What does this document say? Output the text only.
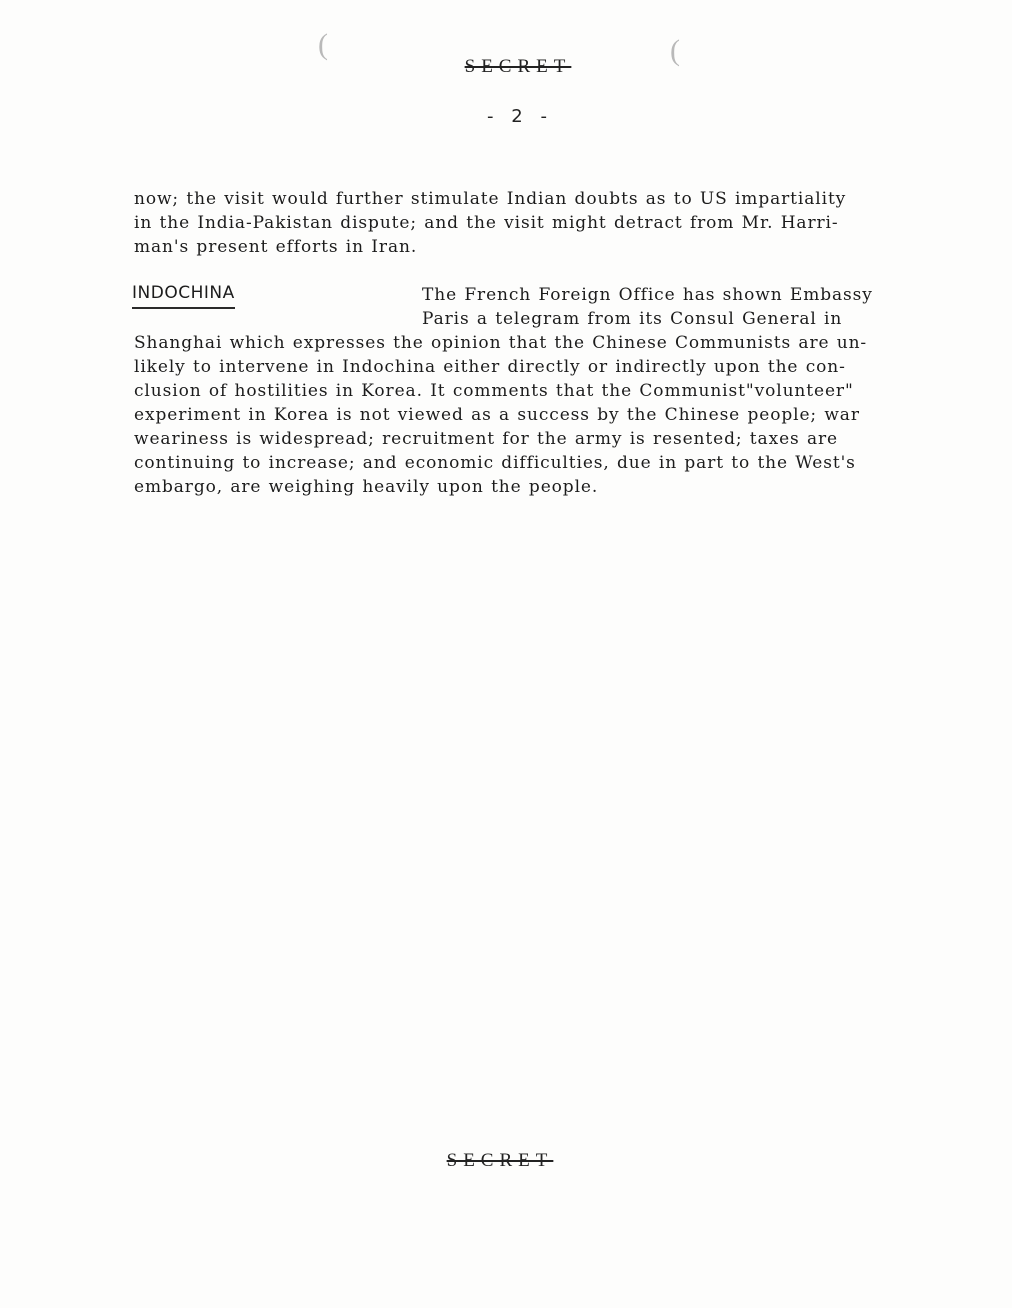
(	(
SECRET
- 2 -
now; the visit would further stimulate Indian doubts as to US impartiality
in the India-Pakistan dispute; and the visit might detract from Mr. Harri-
man's present efforts in Iran.
INDOCHINA	The French Foreign Office has shown Embassy
Paris a telegram from its Consul General in
Shanghai which expresses the opinion that the Chinese Communists are un-
likely to intervene in Indochina either directly or indirectly upon the con-
clusion of hostilities in Korea. It comments that the Communist"volunteer"
experiment in Korea is not viewed as a success by the Chinese people; war
weariness is widespread; recruitment for the army is resented; taxes are
continuing to increase; and economic difficulties, due in part to the West's
embargo, are weighing heavily upon the people.
SECRET
